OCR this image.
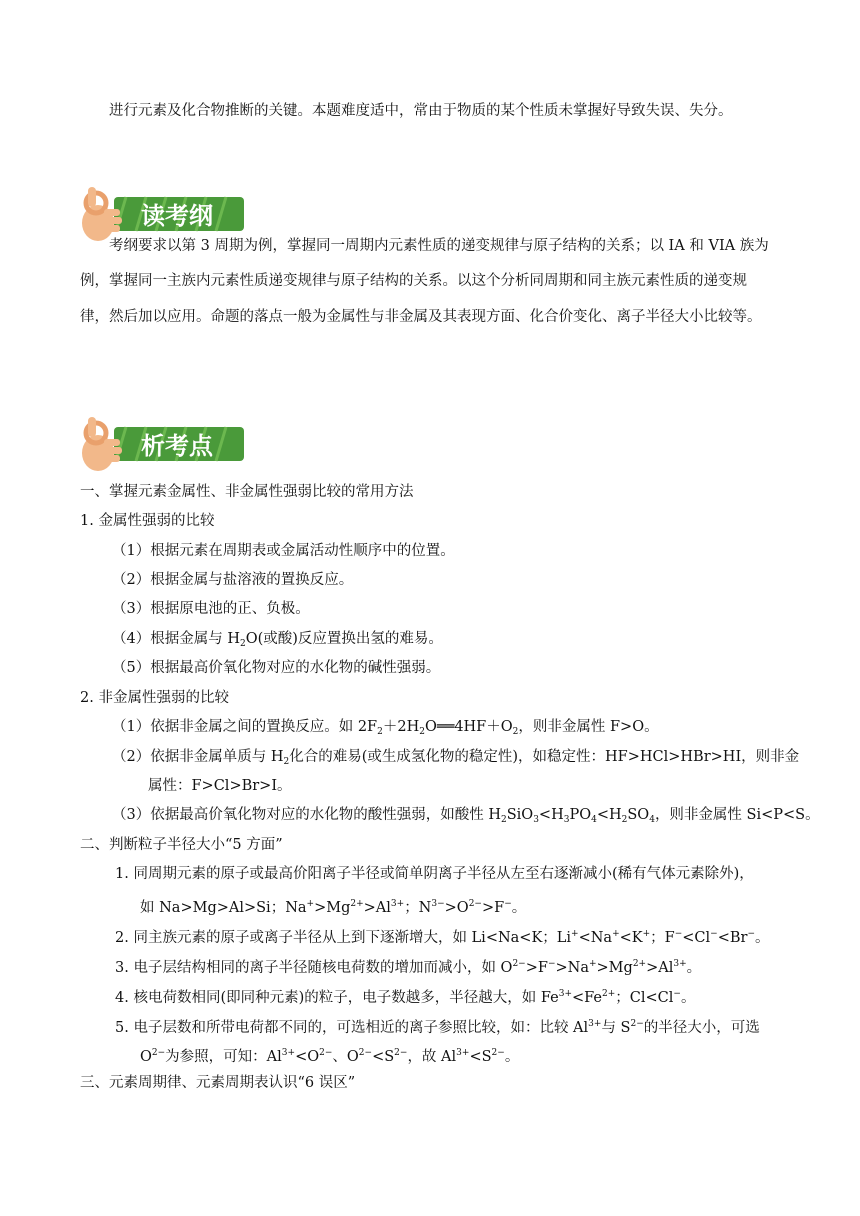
进行元素及化合物推断的关键。本题难度适中，常由于物质的某个性质未掌握好导致失误、失分。
读考纲
考纲要求以第 3 周期为例，掌握同一周期内元素性质的递变规律与原子结构的关系；以 IA 和 VIA 族为
例，掌握同一主族内元素性质递变规律与原子结构的关系。以这个分析同周期和同主族元素性质的递变规
律，然后加以应用。命题的落点一般为金属性与非金属及其表现方面、化合价变化、离子半径大小比较等。
析考点
一、掌握元素金属性、非金属性强弱比较的常用方法
1. 金属性强弱的比较
（1）根据元素在周期表或金属活动性顺序中的位置。
（2）根据金属与盐溶液的置换反应。
（3）根据原电池的正、负极。
（4）根据金属与 $H_2O$(或酸)反应置换出氢的难易。
（5）根据最高价氧化物对应的水化物的碱性强弱。
2. 非金属性强弱的比较
（1）依据非金属之间的置换反应。如 $2F_2+2H_2O══4HF+O_2$，则非金属性 F>O。
（2）依据非金属单质与 $H_2$化合的难易(或生成氢化物的稳定性)，如稳定性：HF>HCl>HBr>HI，则非金
属性：F>Cl>Br>I。
（3）依据最高价氧化物对应的水化物的酸性强弱，如酸性 $H_2SiO_3<H_3PO_4<H_2SO_4$，则非金属性 Si<P<S。
二、判断粒子半径大小“5 方面”
1. 同周期元素的原子或最高价阳离子半径或简单阴离子半径从左至右逐渐减小(稀有气体元素除外)，
如 Na>Mg>Al>Si；$Na^+>Mg^{2+}>Al^{3+}$；$N^{3-}>O^{2-}>F^-$。
2. 同主族元素的原子或离子半径从上到下逐渐增大，如 Li<Na<K；Li+<Na+<K+；F−<Cl−<Br−。
3. 电子层结构相同的离子半径随核电荷数的增加而减小，如 $O^{2-}>F^->Na^+>Mg^{2+}>Al^{3+}$。
4. 核电荷数相同(即同种元素)的粒子，电子数越多，半径越大，如 $Fe^{3+}<Fe^{2+}$；Cl<Cl−。
5. 电子层数和所带电荷都不同的，可选相近的离子参照比较，如：比较 $Al^{3+}$与 $S^{2-}$的半径大小，可选
$O^{2-}$为参照，可知：$Al^{3+}<O^{2-}$、$O^{2-}<S^{2-}$，故 $Al^{3+}<S^{2-}$。
三、元素周期律、元素周期表认识“6 误区”
